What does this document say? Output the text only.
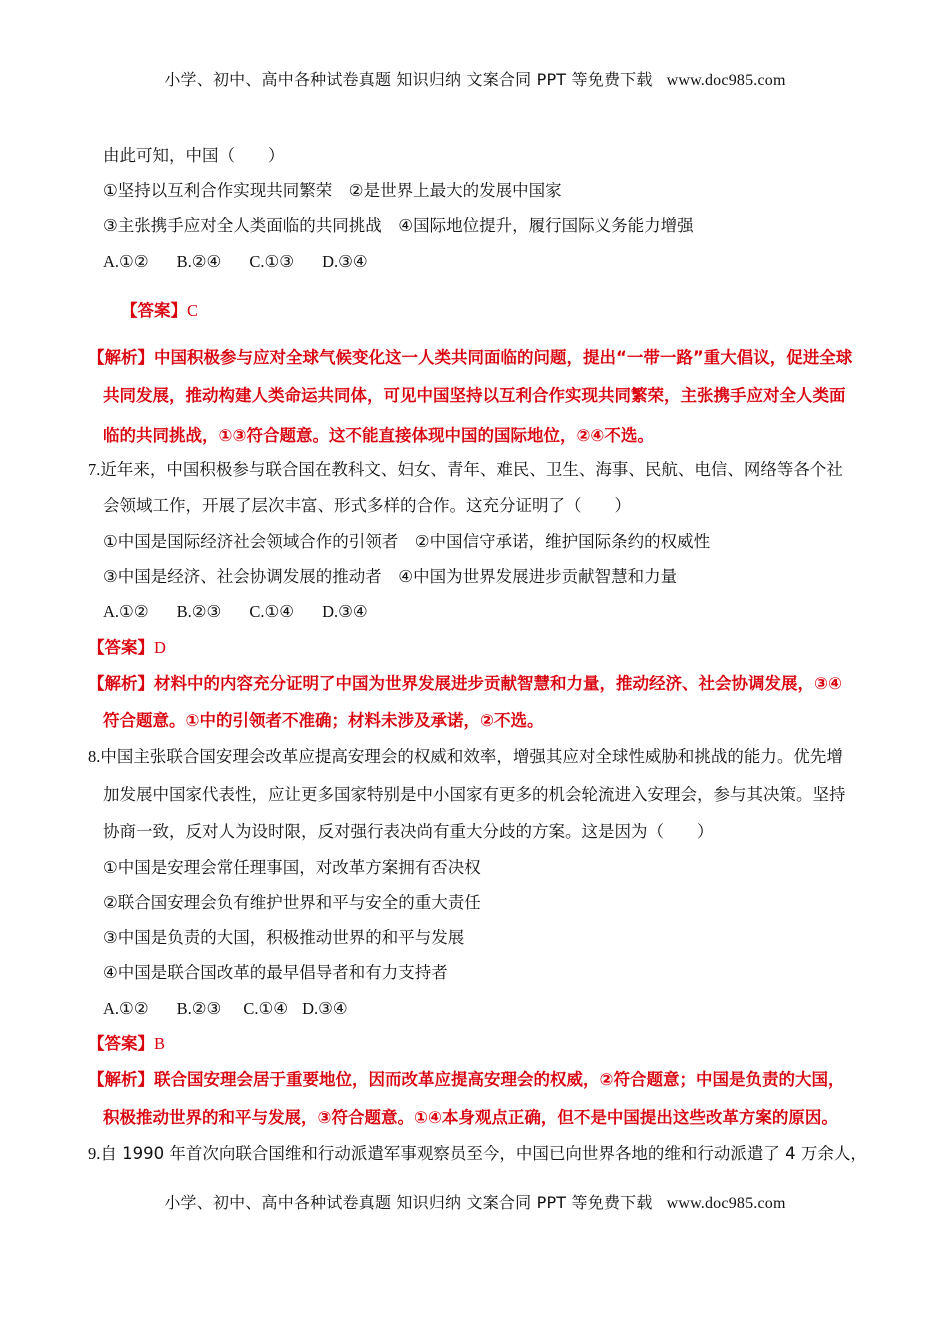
小学、初中、高中各种试卷真题 知识归纳 文案合同 PPT 等免费下载 www.doc985.com
由此可知，中国（　　）
①坚持以互利合作实现共同繁荣　②是世界上最大的发展中国家
③主张携手应对全人类面临的共同挑战　④国际地位提升，履行国际义务能力增强
A.①② B.②④ C.①③ D.③④
【答案】C
【解析】中国积极参与应对全球气候变化这一人类共同面临的问题，提出“一带一路”重大倡议，促进全球
共同发展，推动构建人类命运共同体，可见中国坚持以互利合作实现共同繁荣，主张携手应对全人类面
临的共同挑战，①③符合题意。这不能直接体现中国的国际地位，②④不选。
7.近年来，中国积极参与联合国在教科文、妇女、青年、难民、卫生、海事、民航、电信、网络等各个社
会领域工作，开展了层次丰富、形式多样的合作。这充分证明了（　　）
①中国是国际经济社会领域合作的引领者　②中国信守承诺，维护国际条约的权威性
③中国是经济、社会协调发展的推动者　④中国为世界发展进步贡献智慧和力量
A.①② B.②③ C.①④ D.③④
【答案】D
【解析】材料中的内容充分证明了中国为世界发展进步贡献智慧和力量，推动经济、社会协调发展，③④
符合题意。①中的引领者不准确；材料未涉及承诺，②不选。
8.中国主张联合国安理会改革应提高安理会的权威和效率，增强其应对全球性威胁和挑战的能力。优先增
加发展中国家代表性，应让更多国家特别是中小国家有更多的机会轮流进入安理会，参与其决策。坚持
协商一致，反对人为设时限，反对强行表决尚有重大分歧的方案。这是因为（　　）
①中国是安理会常任理事国，对改革方案拥有否决权
②联合国安理会负有维护世界和平与安全的重大责任
③中国是负责的大国，积极推动世界的和平与发展
④中国是联合国改革的最早倡导者和有力支持者
A.①② B.②③ C.①④ D.③④
【答案】B
【解析】联合国安理会居于重要地位，因而改革应提高安理会的权威，②符合题意；中国是负责的大国，
积极推动世界的和平与发展，③符合题意。①④本身观点正确，但不是中国提出这些改革方案的原因。
9.自 1990 年首次向联合国维和行动派遣军事观察员至今，中国已向世界各地的维和行动派遣了 4 万余人，
小学、初中、高中各种试卷真题 知识归纳 文案合同 PPT 等免费下载 www.doc985.com
